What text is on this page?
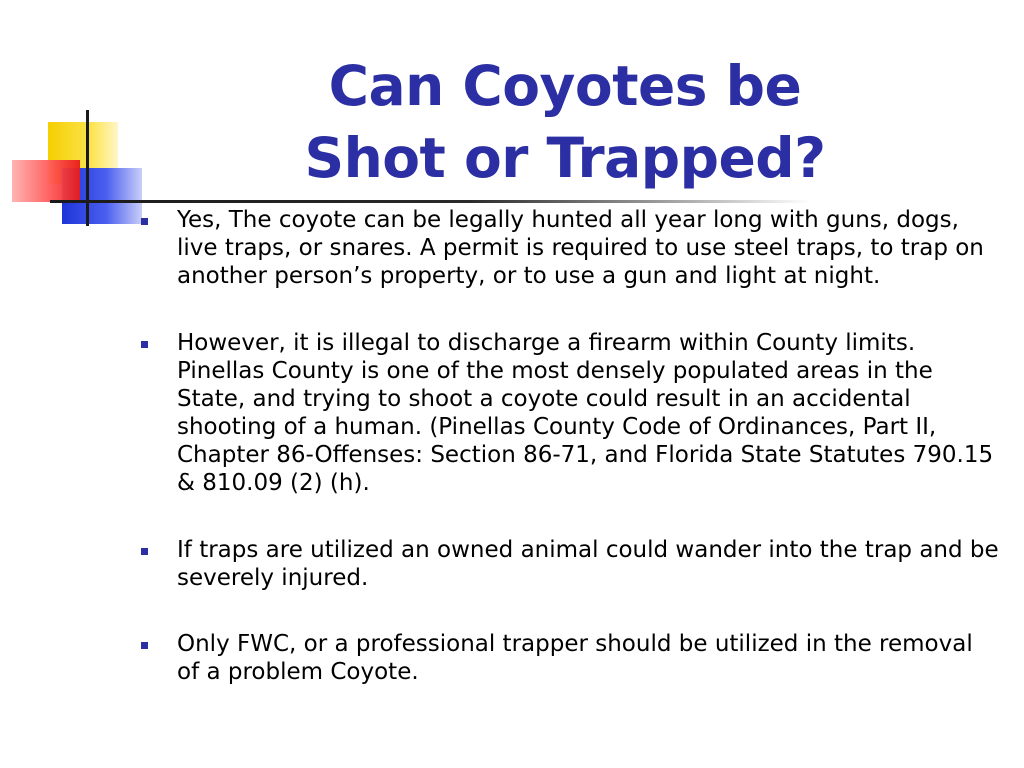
Can Coyotes be
Shot or Trapped?
Yes, The coyote can be legally hunted all year long with guns, dogs, live traps, or snares. A permit is required to use steel traps, to trap on another person’s property, or to use a gun and light at night.
However, it is illegal to discharge a firearm within County limits. Pinellas County is one of the most densely populated areas in the State, and trying to shoot a coyote could result in an accidental shooting of a human. (Pinellas County Code of Ordinances, Part II, Chapter 86-Offenses: Section 86-71, and Florida State Statutes 790.15 & 810.09 (2) (h).
If traps are utilized an owned animal could wander into the trap and be severely injured.
Only FWC, or a professional trapper should be utilized in the removal of a problem Coyote.
